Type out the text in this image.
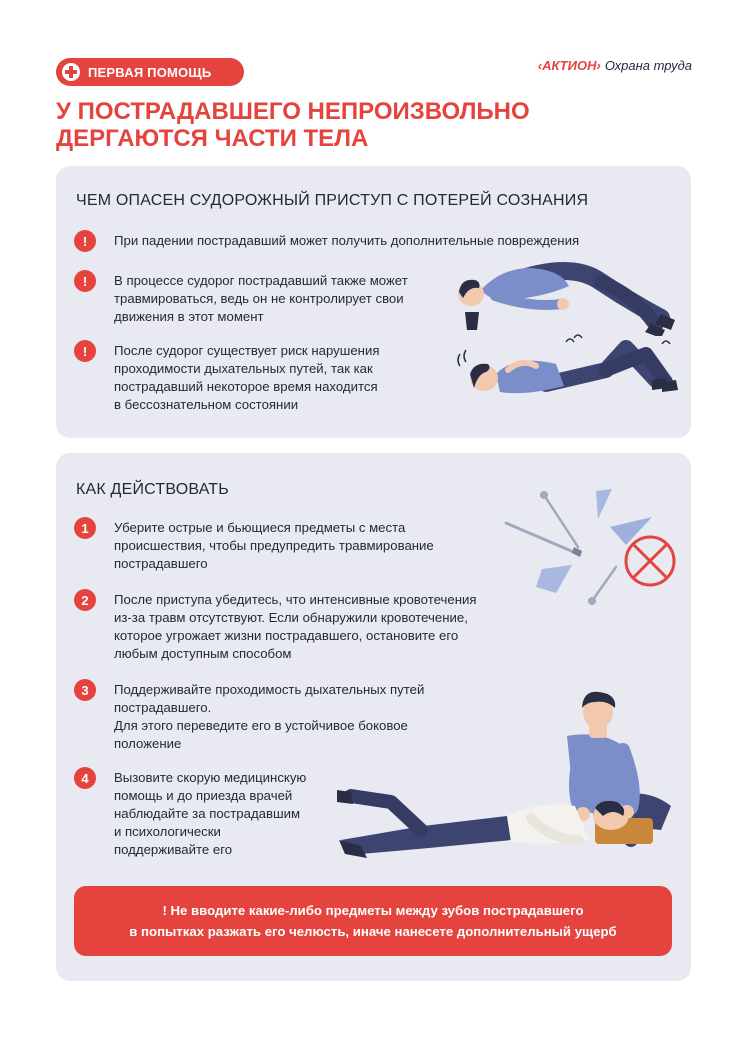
ПЕРВАЯ ПОМОЩЬ	‹АКТИОН› Охрана труда
У ПОСТРАДАВШЕГО НЕПРОИЗВОЛЬНО
ДЕРГАЮТСЯ ЧАСТИ ТЕЛА
ЧЕМ ОПАСЕН СУДОРОЖНЫЙ ПРИСТУП С ПОТЕРЕЙ СОЗНАНИЯ
!	При падении пострадавший может получить дополнительные повреждения
!	В процессе судорог пострадавший также может
травмироваться, ведь он не контролирует свои
движения в этот момент
!	После судорог существует риск нарушения
проходимости дыхательных путей, так как
пострадавший некоторое время находится
в бессознательном состоянии
КАК ДЕЙСТВОВАТЬ
1	Уберите острые и бьющиеся предметы с места
происшествия, чтобы предупредить травмирование
пострадавшего
2	После приступа убедитесь, что интенсивные кровотечения
из-за травм отсутствуют. Если обнаружили кровотечение,
которое угрожает жизни пострадавшего, остановите его
любым доступным способом
3	Поддерживайте проходимость дыхательных путей
пострадавшего.
Для этого переведите его в устойчивое боковое
положение
4	Вызовите скорую медицинскую
помощь и до приезда врачей
наблюдайте за пострадавшим
и психологически
поддерживайте его
! Не вводите какие-либо предметы между зубов пострадавшего
в попытках разжать его челюсть, иначе нанесете дополнительный ущерб
